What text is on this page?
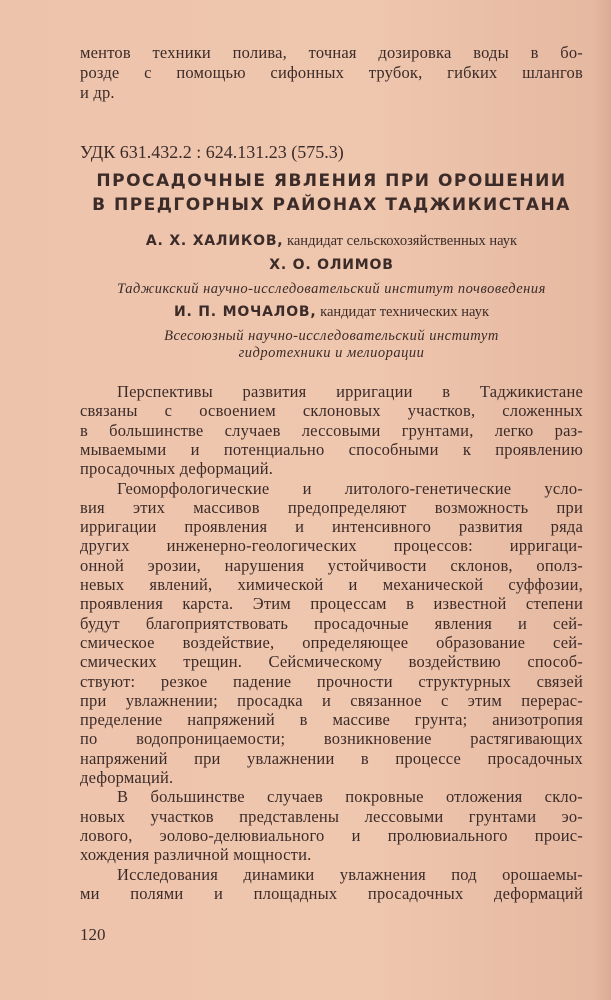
ментов техники полива, точная дозировка воды в бо-
розде с помощью сифонных трубок, гибких шлангов
и др.
УДК 631.432.2 : 624.131.23 (575.3)
ПРОСАДОЧНЫЕ ЯВЛЕНИЯ ПРИ ОРОШЕНИИ
В ПРЕДГОРНЫХ РАЙОНАХ ТАДЖИКИСТАНА
А. Х. ХАЛИКОВ, кандидат сельскохозяйственных наук
Х. О. ОЛИМОВ
Таджикский научно-исследовательский институт почвоведения
И. П. МОЧАЛОВ, кандидат технических наук
Всесоюзный научно-исследовательский институт
гидротехники и мелиорации
Перспективы развития ирригации в Таджикистане
связаны с освоением склоновых участков, сложенных
в большинстве случаев лессовыми грунтами, легко раз-
мываемыми и потенциально способными к проявлению
просадочных деформаций.
Геоморфологические и литолого-генетические усло-
вия этих массивов предопределяют возможность при
ирригации проявления и интенсивного развития ряда
других инженерно-геологических процессов: ирригаци-
онной эрозии, нарушения устойчивости склонов, ополз-
невых явлений, химической и механической суффозии,
проявления карста. Этим процессам в известной степени
будут благоприятствовать просадочные явления и сей-
смическое воздействие, определяющее образование сей-
смических трещин. Сейсмическому воздействию способ-
ствуют: резкое падение прочности структурных связей
при увлажнении; просадка и связанное с этим перерас-
пределение напряжений в массиве грунта; анизотропия
по водопроницаемости; возникновение растягивающих
напряжений при увлажнении в процессе просадочных
деформаций.
В большинстве случаев покровные отложения скло-
новых участков представлены лессовыми грунтами эо-
лового, эолово-делювиального и пролювиального проис-
хождения различной мощности.
Исследования динамики увлажнения под орошаемы-
ми полями и площадных просадочных деформаций
120
